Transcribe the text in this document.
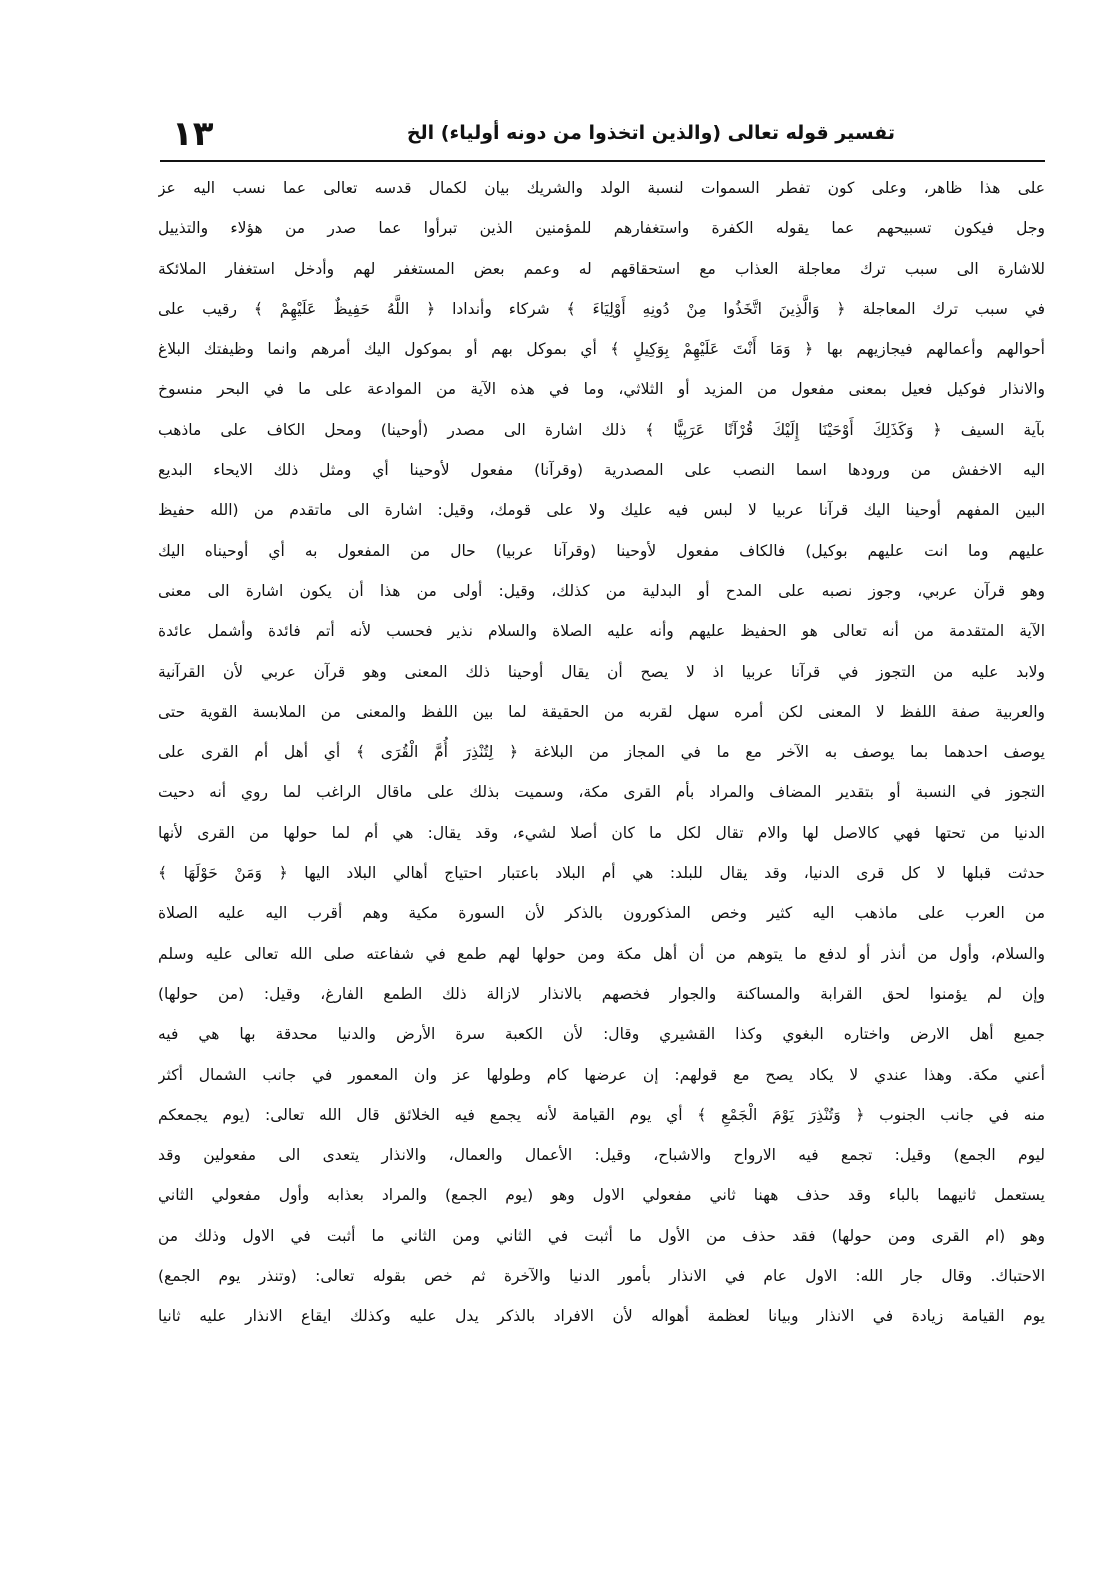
تفسير قوله تعالى (والذين اتخذوا من دونه أولياء) الخ
١٣
على هذا ظاهر، وعلى كون تفطر السموات لنسبة الولد والشريك بيان لكمال قدسه تعالى عما نسب اليه عز
وجل فيكون تسبيحهم عما يقوله الكفرة واستغفارهم للمؤمنين الذين تبرأوا عما صدر من هؤلاء والتذييل
للاشارة الى سبب ترك معاجلة العذاب مع استحقاقهم له وعمم بعض المستغفر لهم وأدخل استغفار الملائكة
في سبب ترك المعاجلة ﴿ وَالَّذِينَ اتَّخَذُوا مِنْ دُونِهِ أَوْلِيَاءَ ﴾ شركاء وأندادا ﴿ اللَّهُ حَفِيظٌ عَلَيْهِمْ ﴾ رقيب على
أحوالهم وأعمالهم فيجازيهم بها ﴿ وَمَا أَنْتَ عَلَيْهِمْ بِوَكِيلٍ ﴾ أي بموكل بهم أو بموكول اليك أمرهم وانما وظيفتك البلاغ
والانذار فوكيل فعيل بمعنى مفعول من المزيد أو الثلاثي، وما في هذه الآية من الموادعة على ما في البحر منسوخ
بآية السيف ﴿ وَكَذَلِكَ أَوْحَيْنَا إِلَيْكَ قُرْآنًا عَرَبِيًّا ﴾ ذلك اشارة الى مصدر (أوحينا) ومحل الكاف على ماذهب
اليه الاخفش من ورودها اسما النصب على المصدرية (وقرآنا) مفعول لأوحينا أي ومثل ذلك الايحاء البديع
البين المفهم أوحينا اليك قرآنا عربيا لا لبس فيه عليك ولا على قومك، وقيل: اشارة الى ماتقدم من (الله حفيظ
عليهم وما انت عليهم بوكيل) فالكاف مفعول لأوحينا (وقرآنا عربيا) حال من المفعول به أي أوحيناه اليك
وهو قرآن عربي، وجوز نصبه على المدح أو البدلية من كذلك، وقيل: أولى من هذا أن يكون اشارة الى معنى
الآية المتقدمة من أنه تعالى هو الحفيظ عليهم وأنه عليه الصلاة والسلام نذير فحسب لأنه أتم فائدة وأشمل عائدة
ولابد عليه من التجوز في قرآنا عربيا اذ لا يصح أن يقال أوحينا ذلك المعنى وهو قرآن عربي لأن القرآنية
والعربية صفة اللفظ لا المعنى لكن أمره سهل لقربه من الحقيقة لما بين اللفظ والمعنى من الملابسة القوية حتى
يوصف احدهما بما يوصف به الآخر مع ما في المجاز من البلاغة ﴿ لِتُنْذِرَ أُمَّ الْقُرَى ﴾ أي أهل أم القرى على
التجوز في النسبة أو بتقدير المضاف والمراد بأم القرى مكة، وسميت بذلك على ماقال الراغب لما روي أنه دحيت
الدنيا من تحتها فهي كالاصل لها والام تقال لكل ما كان أصلا لشيء، وقد يقال: هي أم لما حولها من القرى لأنها
حدثت قبلها لا كل قرى الدنيا، وقد يقال للبلد: هي أم البلاد باعتبار احتياج أهالي البلاد اليها ﴿ وَمَنْ حَوْلَهَا ﴾
من العرب على ماذهب اليه كثير وخص المذكورون بالذكر لأن السورة مكية وهم أقرب اليه عليه الصلاة
والسلام، وأول من أنذر أو لدفع ما يتوهم من أن أهل مكة ومن حولها لهم طمع في شفاعته صلى الله تعالى عليه وسلم
وإن لم يؤمنوا لحق القرابة والمساكنة والجوار فخصهم بالانذار لازالة ذلك الطمع الفارغ، وقيل: (من حولها)
جميع أهل الارض واختاره البغوي وكذا القشيري وقال: لأن الكعبة سرة الأرض والدنيا محدقة بها هي فيه
أعني مكة. وهذا عندي لا يكاد يصح مع قولهم: إن عرضها كام وطولها عز وان المعمور في جانب الشمال أكثر
منه في جانب الجنوب ﴿ وَتُنْذِرَ يَوْمَ الْجَمْعِ ﴾ أي يوم القيامة لأنه يجمع فيه الخلائق قال الله تعالى: (يوم يجمعكم
ليوم الجمع) وقيل: تجمع فيه الارواح والاشباح، وقيل: الأعمال والعمال، والانذار يتعدى الى مفعولين وقد
يستعمل ثانيهما بالباء وقد حذف ههنا ثاني مفعولي الاول وهو (يوم الجمع) والمراد بعذابه وأول مفعولي الثاني
وهو (ام القرى ومن حولها) فقد حذف من الأول ما أثبت في الثاني ومن الثاني ما أثبت في الاول وذلك من
الاحتباك. وقال جار الله: الاول عام في الانذار بأمور الدنيا والآخرة ثم خص بقوله تعالى: (وتنذر يوم الجمع)
يوم القيامة زيادة في الانذار وبيانا لعظمة أهواله لأن الافراد بالذكر يدل عليه وكذلك ايقاع الانذار عليه ثانيا
